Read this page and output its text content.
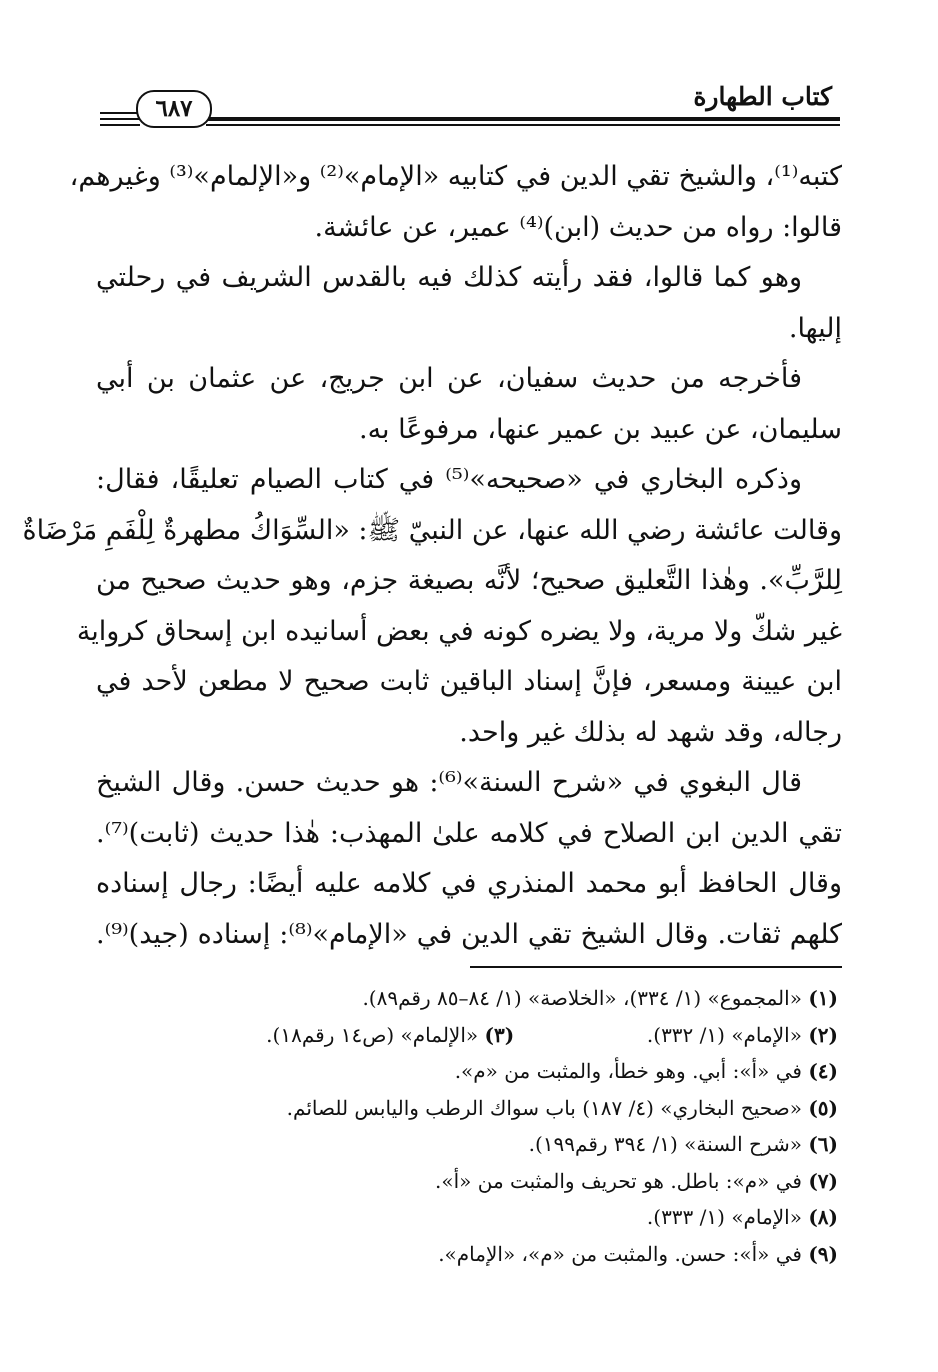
كتاب الطهارة
٦٨٧
كتبه⁽¹⁾، والشيخ تقي الدين في كتابيه «الإمام»⁽²⁾ و«الإلمام»⁽³⁾ وغيرهم،
قالوا: رواه من حديث (ابن)⁽⁴⁾ عمير، عن عائشة.
وهو كما قالوا، فقد رأيته كذلك فيه بالقدس الشريف في رحلتي
إليها.
فأخرجه من حديث سفيان، عن ابن جريج، عن عثمان بن أبي
سليمان، عن عبيد بن عمير عنها، مرفوعًا به.
وذكره البخاري في «صحيحه»⁽⁵⁾ في كتاب الصيام تعليقًا، فقال:
وقالت عائشة رضي الله عنها، عن النبيّ ﷺ: «السِّوَاكُ مطهرةٌ لِلْفَمِ مَرْضَاةٌ
لِلرَّبِّ». وهٰذا التَّعليق صحيح؛ لأنَّه بصيغة جزم، وهو حديث صحيح من
غير شكّ ولا مرية، ولا يضره كونه في بعض أسانيده ابن إسحاق كرواية
ابن عيينة ومسعر، فإنَّ إسناد الباقين ثابت صحيح لا مطعن لأحد في
رجاله، وقد شهد له بذلك غير واحد.
قال البغوي في «شرح السنة»⁽⁶⁾: هو حديث حسن. وقال الشيخ
تقي الدين ابن الصلاح في كلامه علىٰ المهذب: هٰذا حديث (ثابت)⁽⁷⁾.
وقال الحافظ أبو محمد المنذري في كلامه عليه أيضًا: رجال إسناده
كلهم ثقات. وقال الشيخ تقي الدين في «الإمام»⁽⁸⁾: إسناده (جيد)⁽⁹⁾.
(١) «المجموع» (١/ ٣٣٤)، «الخلاصة» (١/ ٨٤–٨٥ رقم٨٩).
(٢) «الإمام» (١/ ٣٣٢).  (٣) «الإلمام» (ص١٤ رقم١٨).
(٤) في «أ»: أبي. وهو خطأ، والمثبت من «م».
(٥) «صحيح البخاري» (٤/ ١٨٧) باب سواك الرطب واليابس للصائم.
(٦) «شرح السنة» (١/ ٣٩٤ رقم١٩٩).
(٧) في «م»: باطل. هو تحريف والمثبت من «أ».
(٨) «الإمام» (١/ ٣٣٣).
(٩) في «أ»: حسن. والمثبت من «م»، «الإمام».
